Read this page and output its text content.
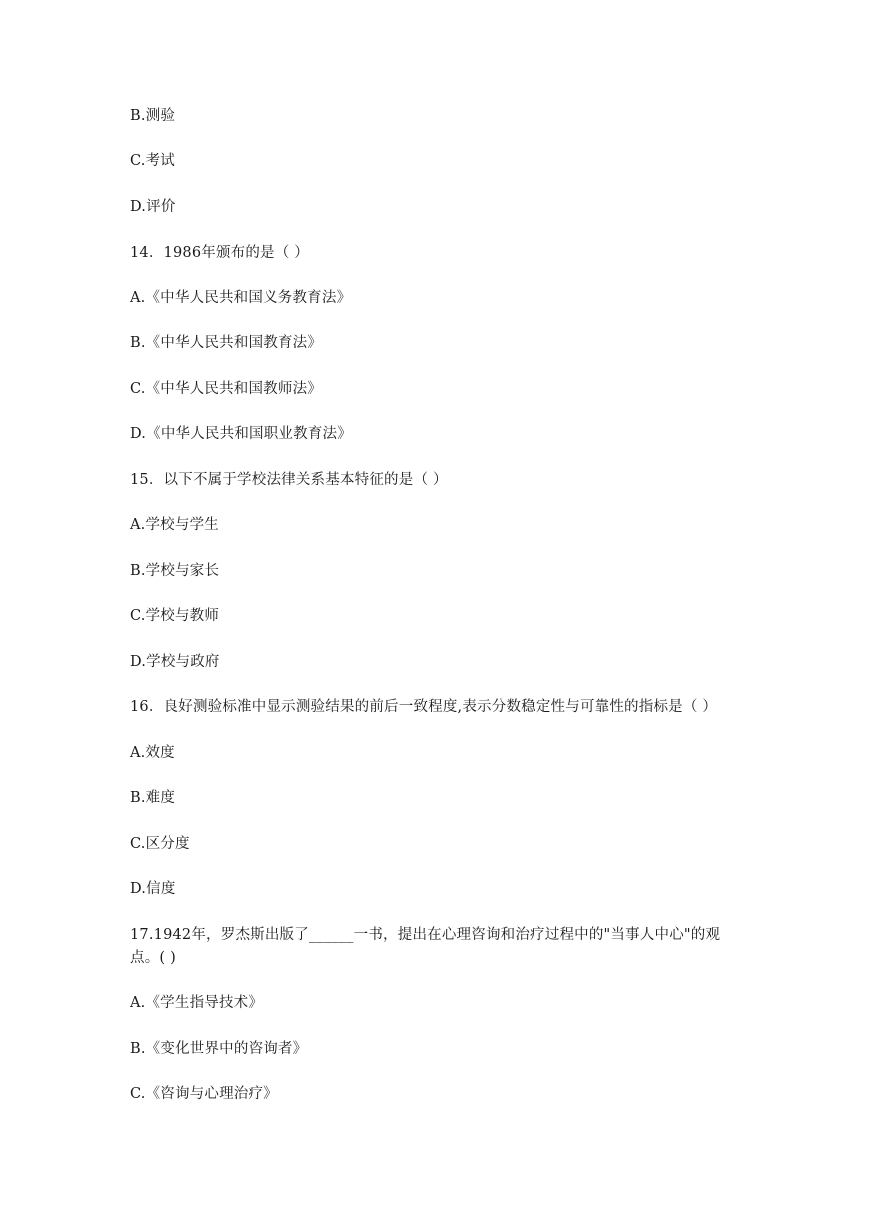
B.测验
C.考试
D.评价
14．1986年颁布的是（ ）
A.《中华人民共和国义务教育法》
B.《中华人民共和国教育法》
C.《中华人民共和国教师法》
D.《中华人民共和国职业教育法》
15．以下不属于学校法律关系基本特征的是（ ）
A.学校与学生
B.学校与家长
C.学校与教师
D.学校与政府
16．良好测验标准中显示测验结果的前后一致程度,表示分数稳定性与可靠性的指标是（ ）
A.效度
B.难度
C.区分度
D.信度
17.1942年，罗杰斯出版了______一书，提出在心理咨询和治疗过程中的"当事人中心"的观
点。( )
A.《学生指导技术》
B.《变化世界中的咨询者》
C.《咨询与心理治疗》
